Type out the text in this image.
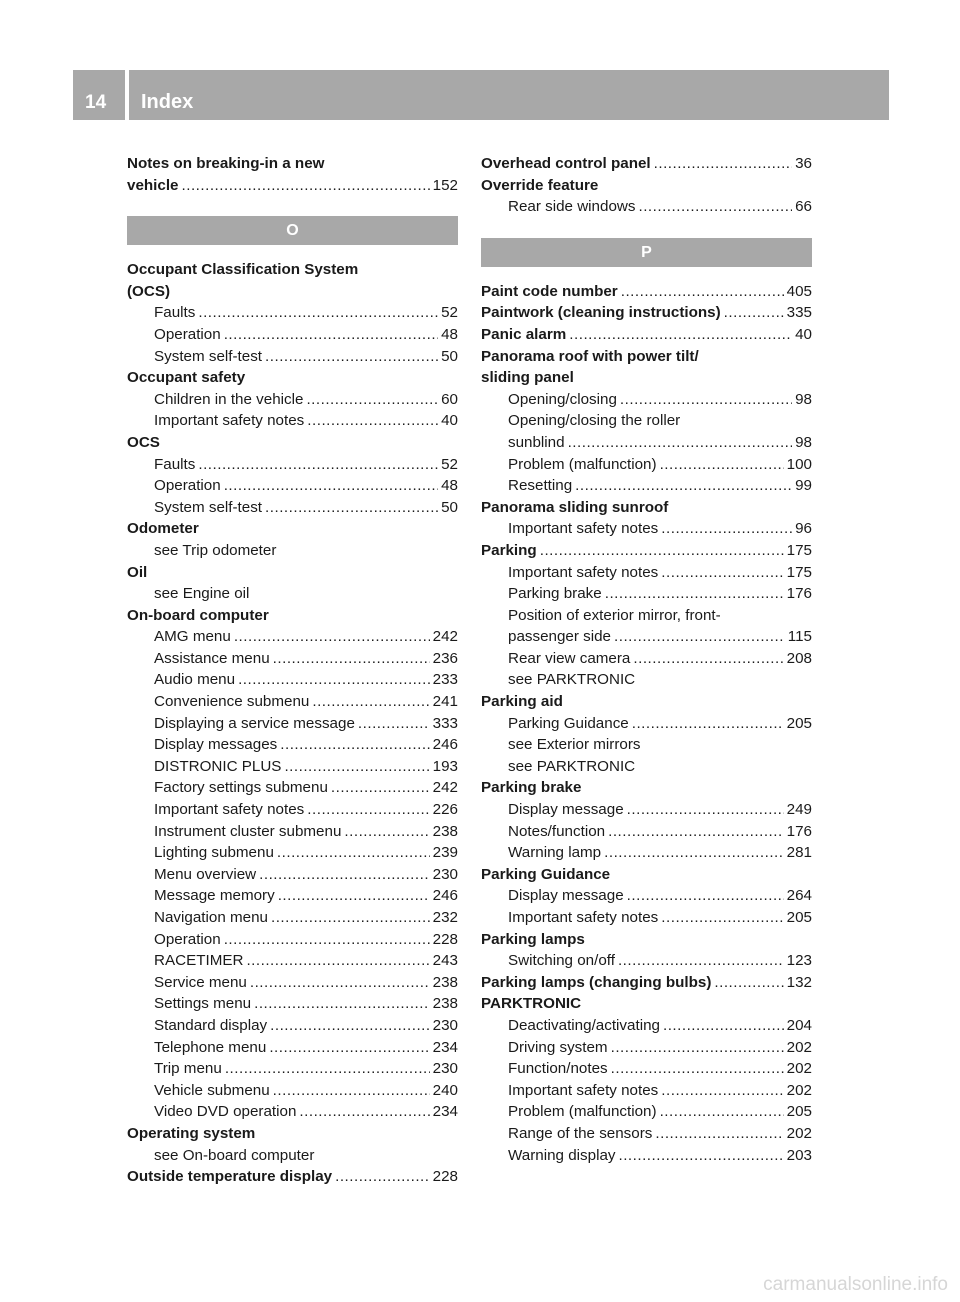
14	Index
Notes on breaking-in a new
vehicle .....	152
O
Occupant Classification System
(OCS)
Faults .....	52
Operation .....	48
System self-test .....	50
Occupant safety
Children in the vehicle .....	60
Important safety notes .....	40
OCS
Faults .....	52
Operation .....	48
System self-test .....	50
Odometer
see Trip odometer
Oil
see Engine oil
On-board computer
AMG menu .....	242
Assistance menu .....	236
Audio menu .....	233
Convenience submenu .....	241
Displaying a service message .....	333
Display messages .....	246
DISTRONIC PLUS .....	193
Factory settings submenu .....	242
Important safety notes .....	226
Instrument cluster submenu .....	238
Lighting submenu .....	239
Menu overview .....	230
Message memory .....	246
Navigation menu .....	232
Operation .....	228
RACETIMER .....	243
Service menu .....	238
Settings menu .....	238
Standard display .....	230
Telephone menu .....	234
Trip menu .....	230
Vehicle submenu .....	240
Video DVD operation .....	234
Operating system
see On-board computer
Outside temperature display .....	228
Overhead control panel .....	36
Override feature
Rear side windows .....	66
P
Paint code number .....	405
Paintwork (cleaning instructions) .....	335
Panic alarm .....	40
Panorama roof with power tilt/
sliding panel
Opening/closing .....	98
Opening/closing the roller
sunblind .....	98
Problem (malfunction) .....	100
Resetting .....	99
Panorama sliding sunroof
Important safety notes .....	96
Parking .....	175
Important safety notes .....	175
Parking brake .....	176
Position of exterior mirror, front-
passenger side .....	115
Rear view camera .....	208
see PARKTRONIC
Parking aid
Parking Guidance .....	205
see Exterior mirrors
see PARKTRONIC
Parking brake
Display message .....	249
Notes/function .....	176
Warning lamp .....	281
Parking Guidance
Display message .....	264
Important safety notes .....	205
Parking lamps
Switching on/off .....	123
Parking lamps (changing bulbs) .....	132
PARKTRONIC
Deactivating/activating .....	204
Driving system .....	202
Function/notes .....	202
Important safety notes .....	202
Problem (malfunction) .....	205
Range of the sensors .....	202
Warning display .....	203
carmanualsonline.info
